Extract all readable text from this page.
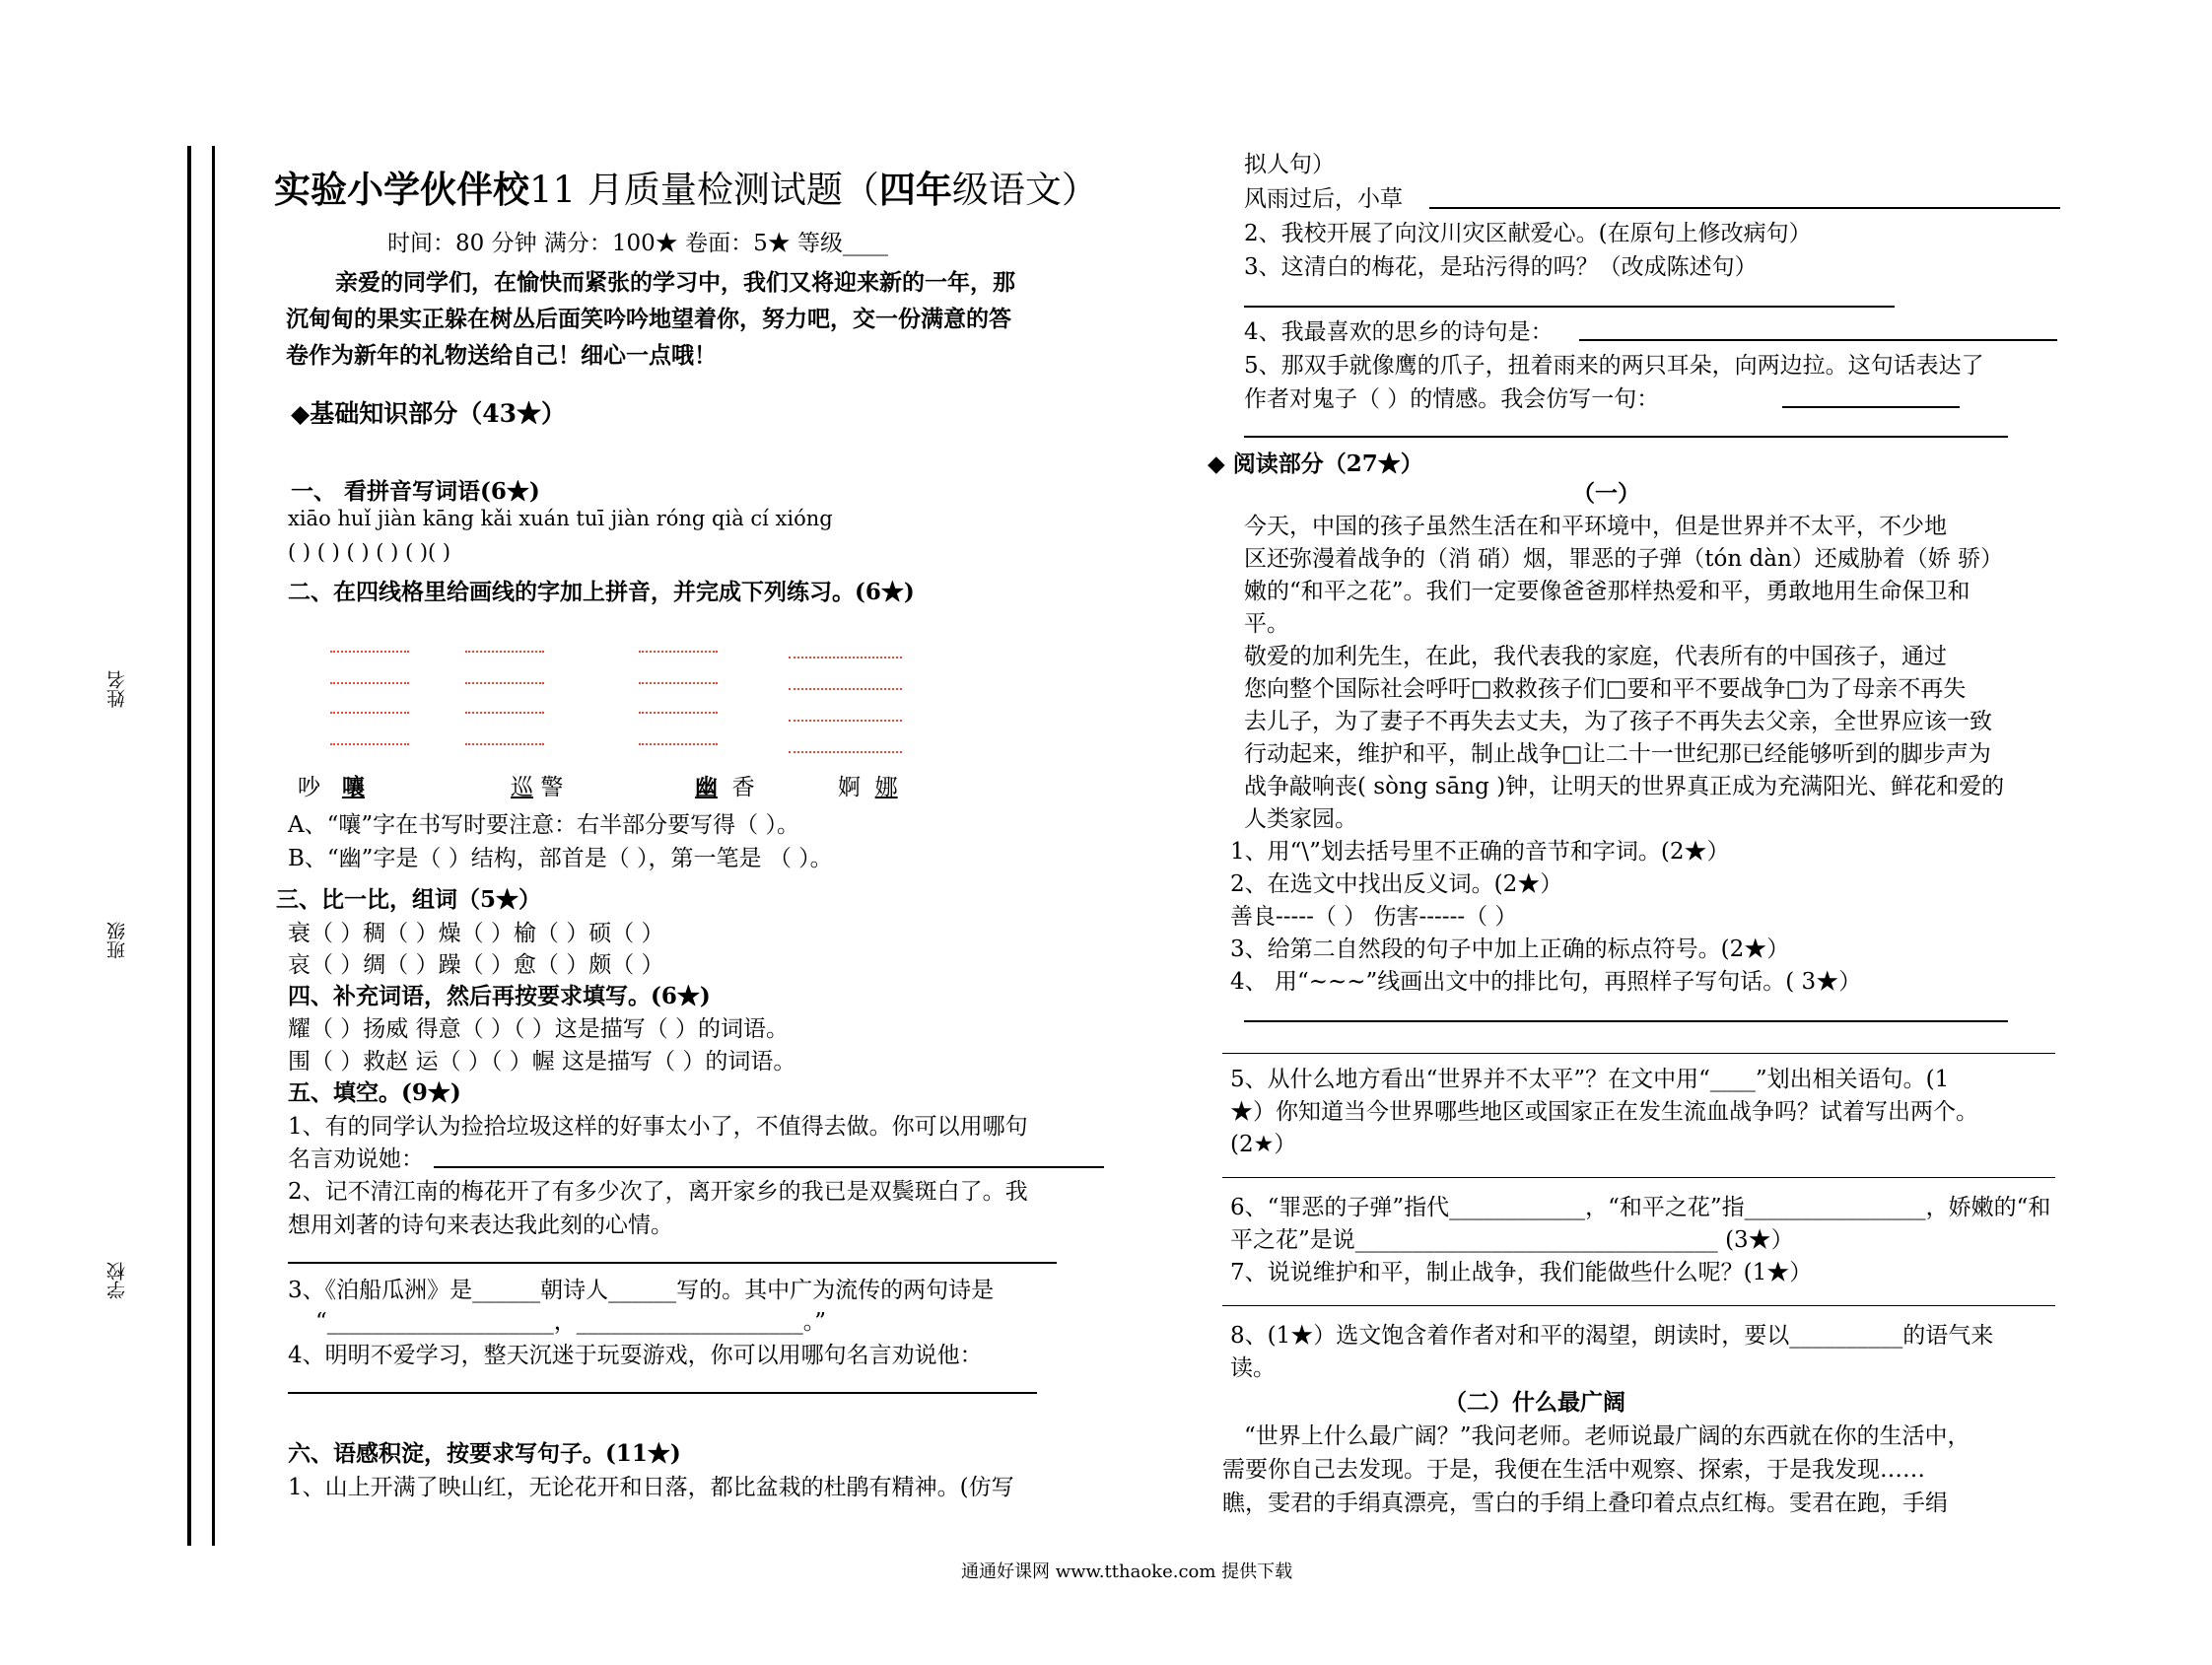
姓名
班级
学校
实验小学伙伴校11 月质量检测试题（四年级语文）
时间：80 分钟 满分：100★ 卷面：5★ 等级____
亲爱的同学们，在愉快而紧张的学习中，我们又将迎来新的一年，那
沉甸甸的果实正躲在树丛后面笑吟吟地望着你，努力吧，交一份满意的答
卷作为新年的礼物送给自己！细心一点哦！
◆基础知识部分（43★）
一、 看拼音写词语(6★)
xiāo huǐ jiàn kāng kǎi xuán tuī jiàn róng qià cí xióng
( ) ( ) ( ) ( ) ( )( )
二、在四线格里给画线的字加上拼音，并完成下列练习。(6★)
吵 嚷	巡 警	幽 香	婀 娜
A、“嚷”字在书写时要注意：右半部分要写得（ ）。
B、“幽”字是（ ）结构，部首是（ ），第一笔是 （ ）。
三、比一比，组词（5★）
衰（ ）稠（ ）燥（ ）榆（ ）硕（ ）
哀（ ）绸（ ）躁（ ）愈（ ）颇（ ）
四、补充词语，然后再按要求填写。(6★)
耀（ ）扬威 得意（ ）（ ）这是描写（ ）的词语。
围（ ）救赵 运（ ）（ ）幄 这是描写（ ）的词语。
五、填空。(9★)
1、有的同学认为捡拾垃圾这样的好事太小了，不值得去做。你可以用哪句
名言劝说她：
2、记不清江南的梅花开了有多少次了，离开家乡的我已是双鬓斑白了。我
想用刘著的诗句来表达我此刻的心情。
3、《泊船瓜洲》是______朝诗人______写的。其中广为流传的两句诗是
“____________________，____________________。”
4、明明不爱学习，整天沉迷于玩耍游戏，你可以用哪句名言劝说他：
六、语感积淀，按要求写句子。(11★)
1、山上开满了映山红，无论花开和日落，都比盆栽的杜鹃有精神。(仿写
拟人句）
风雨过后，小草
2、我校开展了向汶川灾区献爱心。(在原句上修改病句）
3、这清白的梅花，是玷污得的吗？（改成陈述句）
4、我最喜欢的思乡的诗句是：
5、那双手就像鹰的爪子，扭着雨来的两只耳朵，向两边拉。这句话表达了
作者对鬼子（ ）的情感。我会仿写一句：
◆ 阅读部分（27★）
（一）
今天，中国的孩子虽然生活在和平环境中，但是世界并不太平，不少地
区还弥漫着战争的（消 硝）烟，罪恶的子弹（tón dàn）还威胁着（娇 骄）
嫩的“和平之花”。我们一定要像爸爸那样热爱和平，勇敢地用生命保卫和
平。
敬爱的加利先生，在此，我代表我的家庭，代表所有的中国孩子，通过
您向整个国际社会呼吁□救救孩子们□要和平不要战争□为了母亲不再失
去儿子，为了妻子不再失去丈夫，为了孩子不再失去父亲，全世界应该一致
行动起来，维护和平，制止战争□让二十一世纪那已经能够听到的脚步声为
战争敲响丧( sòng sāng )钟，让明天的世界真正成为充满阳光、鲜花和爱的
人类家园。
1、用“\”划去括号里不正确的音节和字词。(2★）
2、在选文中找出反义词。(2★）
善良-----（ ） 伤害------（ ）
3、给第二自然段的句子中加上正确的标点符号。(2★）
4、 用“~~~”线画出文中的排比句，再照样子写句话。( 3★）
5、从什么地方看出“世界并不太平”？在文中用“____”划出相关语句。(1
★）你知道当今世界哪些地区或国家正在发生流血战争吗？试着写出两个。
(2★）
6、“罪恶的子弹”指代____________，“和平之花”指________________，娇嫩的“和
平之花”是说________________________________ (3★）
7、说说维护和平，制止战争，我们能做些什么呢？(1★）
8、(1★）选文饱含着作者对和平的渴望，朗读时，要以__________的语气来
读。
（二）什么最广阔
“世界上什么最广阔？”我问老师。老师说最广阔的东西就在你的生活中，
需要你自己去发现。于是，我便在生活中观察、探索，于是我发现……
瞧，雯君的手绢真漂亮，雪白的手绢上叠印着点点红梅。雯君在跑，手绢
通通好课网 www.tthaoke.com 提供下载
